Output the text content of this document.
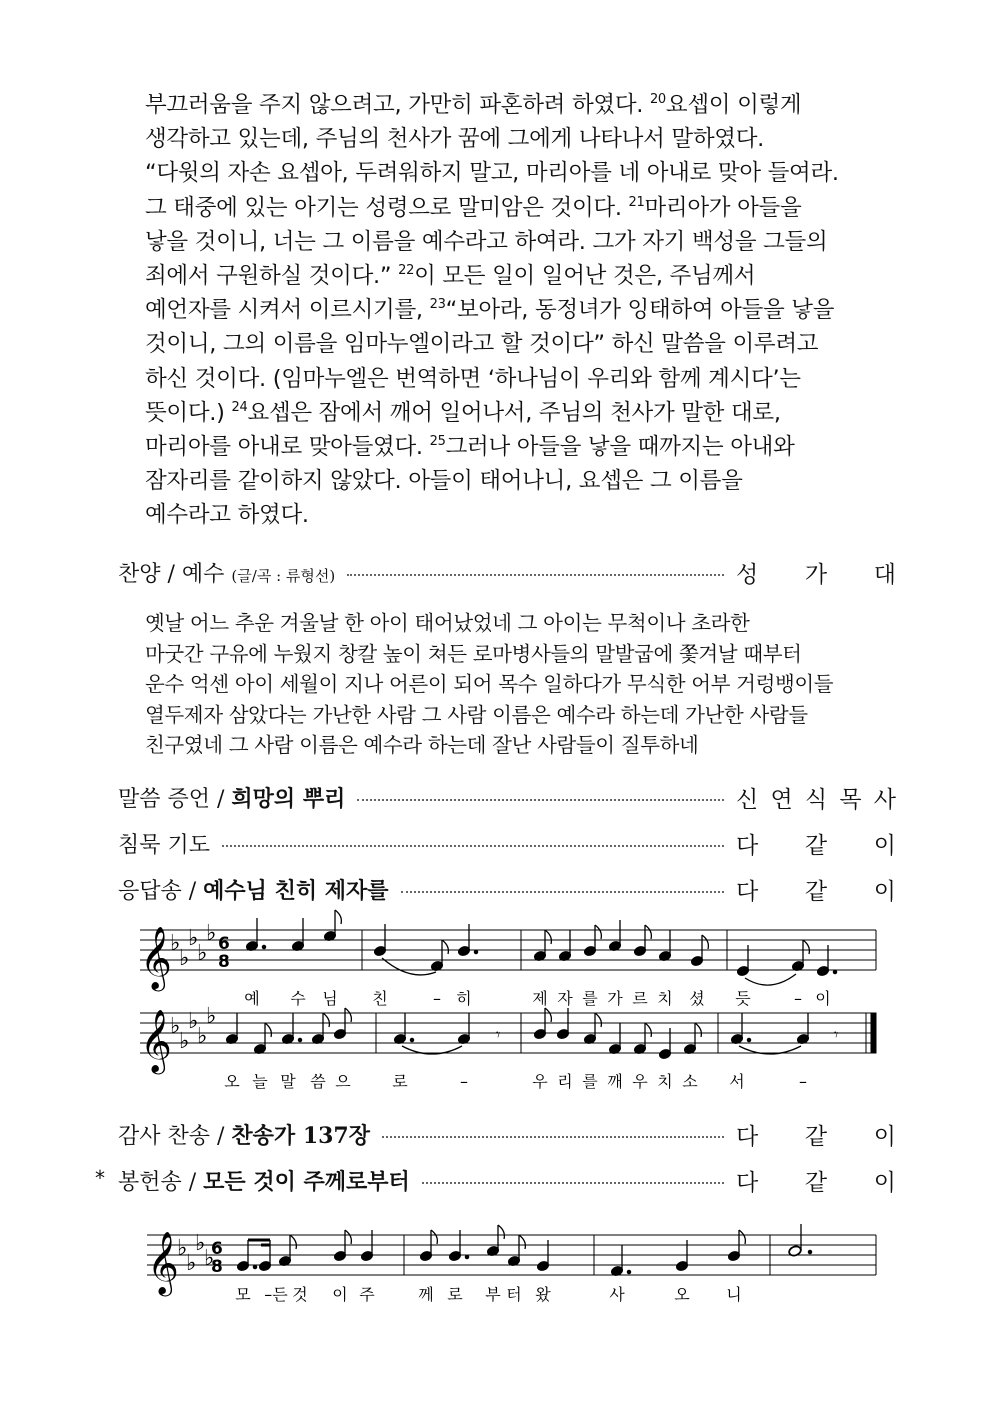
부끄러움을 주지 않으려고, 가만히 파혼하려 하였다. $^{20}$요셉이 이렇게
생각하고 있는데, 주님의 천사가 꿈에 그에게 나타나서 말하였다.
“다윗의 자손 요셉아, 두려워하지 말고, 마리아를 네 아내로 맞아 들여라.
그 태중에 있는 아기는 성령으로 말미암은 것이다. $^{21}$마리아가 아들을
낳을 것이니, 너는 그 이름을 예수라고 하여라. 그가 자기 백성을 그들의
죄에서 구원하실 것이다.” $^{22}$이 모든 일이 일어난 것은, 주님께서
예언자를 시켜서 이르시기를, $^{23}$“보아라, 동정녀가 잉태하여 아들을 낳을
것이니, 그의 이름을 임마누엘이라고 할 것이다” 하신 말씀을 이루려고
하신 것이다. (임마누엘은 번역하면 ‘하나님이 우리와 함께 계시다’는
뜻이다.) $^{24}$요셉은 잠에서 깨어 일어나서, 주님의 천사가 말한 대로,
마리아를 아내로 맞아들였다. $^{25}$그러나 아들을 낳을 때까지는 아내와
잠자리를 같이하지 않았다. 아들이 태어나니, 요셉은 그 이름을
예수라고 하였다.
찬양 / 예수 (글/곡 : 류형선)	성 가 대
옛날 어느 추운 겨울날 한 아이 태어났었네 그 아이는 무척이나 초라한
마굿간 구유에 누웠지 창칼 높이 쳐든 로마병사들의 말발굽에 쫓겨날 때부터
운수 억센 아이 세월이 지나 어른이 되어 목수 일하다가 무식한 어부 거렁뱅이들
열두제자 삼았다는 가난한 사람 그 사람 이름은 예수라 하는데 가난한 사람들
친구였네 그 사람 이름은 예수라 하는데 잘난 사람들이 질투하네
말씀 증언 / 희망의 뿌리	신 연 식 목 사
침묵 기도	다 같 이
응답송 / 예수님 친히 제자를	다 같 이
𝄞
♭
♭
♭
♭
♭ 6
8
예 수 님 친	– 히	제 자 를 가 르 치 셨 듯	– 이
𝄞
♭
♭
♭
♭
♭
𝄾	𝄾
오 늘 말 씀 으	로	–	우 리 를 깨 우 치 소 서	–
𝄞
♭
♭
♭
♭
6
8
모 –든 것 이 주	께 로 부 터 왔	사	오 니
감사 찬송 / 찬송가 137장	다 같 이
* 봉헌송 / 모든 것이 주께로부터	다 같 이
